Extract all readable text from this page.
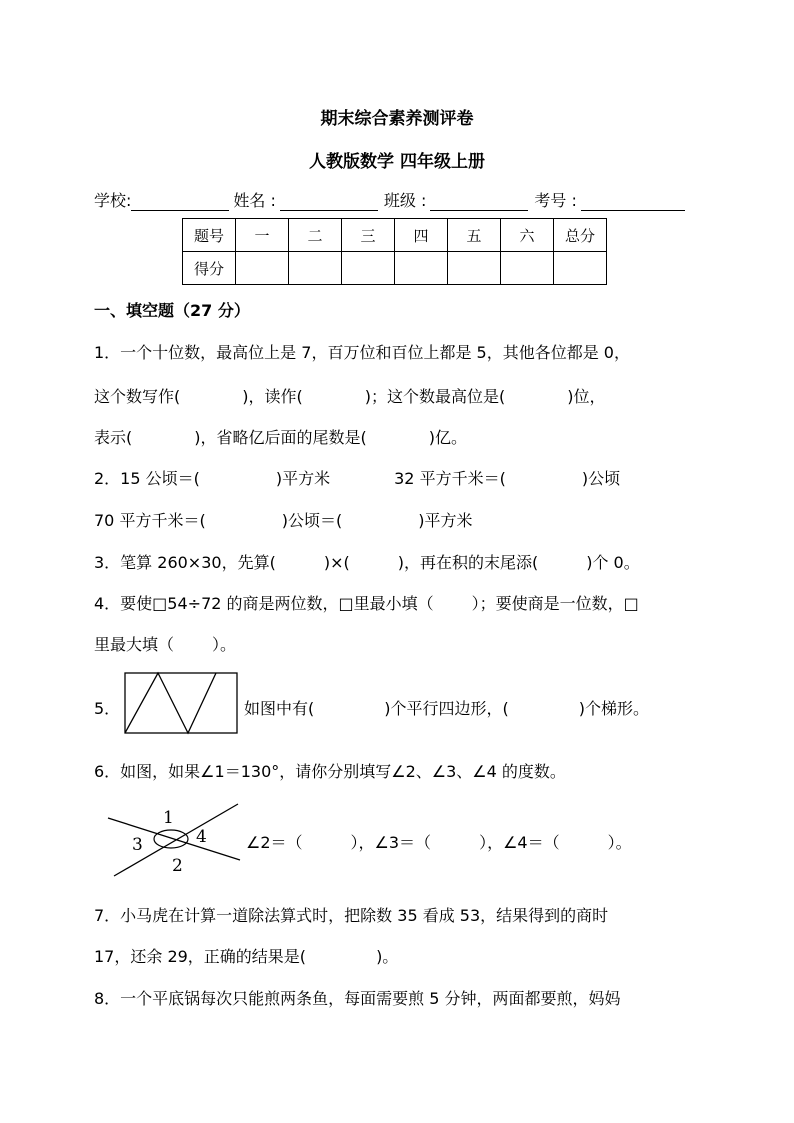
期末综合素养测评卷
人教版数学 四年级上册
学校:	姓名 :	班级 :	考号 :
题号	一	二	三	四	五	六	总分
得分							
一、填空题（27 分）
1．一个十位数，最高位上是 7，百万位和百位上都是 5，其他各位都是 0，
这个数写作(	)，读作(	)；这个数最高位是(	)位，
表示(	)，省略亿后面的尾数是(	)亿。
2．15 公顷＝(	)平方米	32 平方千米＝(	)公顷
70 平方千米＝(	)公顷＝(	)平方米
3．笔算 260×30，先算(	)×(	)，再在积的末尾添(	)个 0。
4．要使□54÷72 的商是两位数，□里最小填（ ）；要使商是一位数，□
里最大填（ ）。
5．	如图中有(	)个平行四边形，(	)个梯形。
6．如图，如果∠1＝130°，请你分别填写∠2、∠3、∠4 的度数。
1
2
3	4 ∠2＝（	），∠3＝（	），∠4＝（	）。
7．小马虎在计算一道除法算式时，把除数 35 看成 53，结果得到的商时
17，还余 29，正确的结果是(	)。
8．一个平底锅每次只能煎两条鱼，每面需要煎 5 分钟，两面都要煎，妈妈
